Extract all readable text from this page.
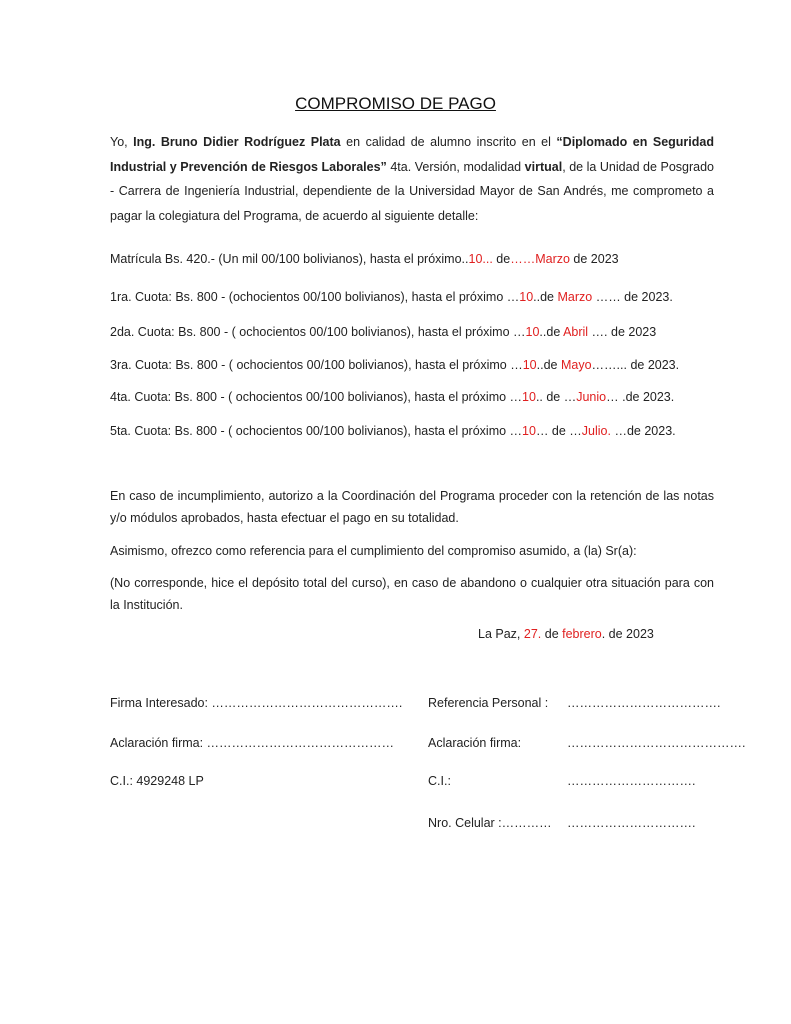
COMPROMISO DE PAGO
Yo, Ing. Bruno Didier Rodríguez Plata en calidad de alumno inscrito en el “Diplomado en Seguridad Industrial y Prevención de Riesgos Laborales” 4ta. Versión, modalidad virtual, de la Unidad de Posgrado - Carrera de Ingeniería Industrial, dependiente de la Universidad Mayor de San Andrés, me comprometo a pagar la colegiatura del Programa, de acuerdo al siguiente detalle:
Matrícula Bs. 420.- (Un mil 00/100 bolivianos), hasta el próximo..10... de……Marzo de 2023
1ra. Cuota: Bs. 800 - (ochocientos 00/100 bolivianos), hasta el próximo …10..de Marzo …… de 2023.
2da. Cuota: Bs. 800 - ( ochocientos 00/100 bolivianos), hasta el próximo …10..de Abril …. de 2023
3ra. Cuota: Bs. 800 - ( ochocientos 00/100 bolivianos), hasta el próximo …10..de Mayo……... de 2023.
4ta. Cuota: Bs. 800 - ( ochocientos 00/100 bolivianos), hasta el próximo …10.. de …Junio… .de 2023.
5ta. Cuota: Bs. 800 - ( ochocientos 00/100 bolivianos), hasta el próximo …10… de …Julio. …de 2023.
En caso de incumplimiento, autorizo a la Coordinación del Programa proceder con la retención de las notas y/o módulos aprobados, hasta efectuar el pago en su totalidad.
Asimismo, ofrezco como referencia para el cumplimiento del compromiso asumido, a (la) Sr(a):
(No corresponde, hice el depósito total del curso), en caso de abandono o cualquier otra situación para con la Institución.
La Paz, 27. de febrero. de 2023
Firma Interesado: ……………………………………….
Aclaración firma: ………………………………………
C.I.: 4929248 LP
Referencia Personal : ……………………………….
Aclaración firma:	…………………………………….
C.I.:	………………………….
Nro. Celular :………… ………………………….
